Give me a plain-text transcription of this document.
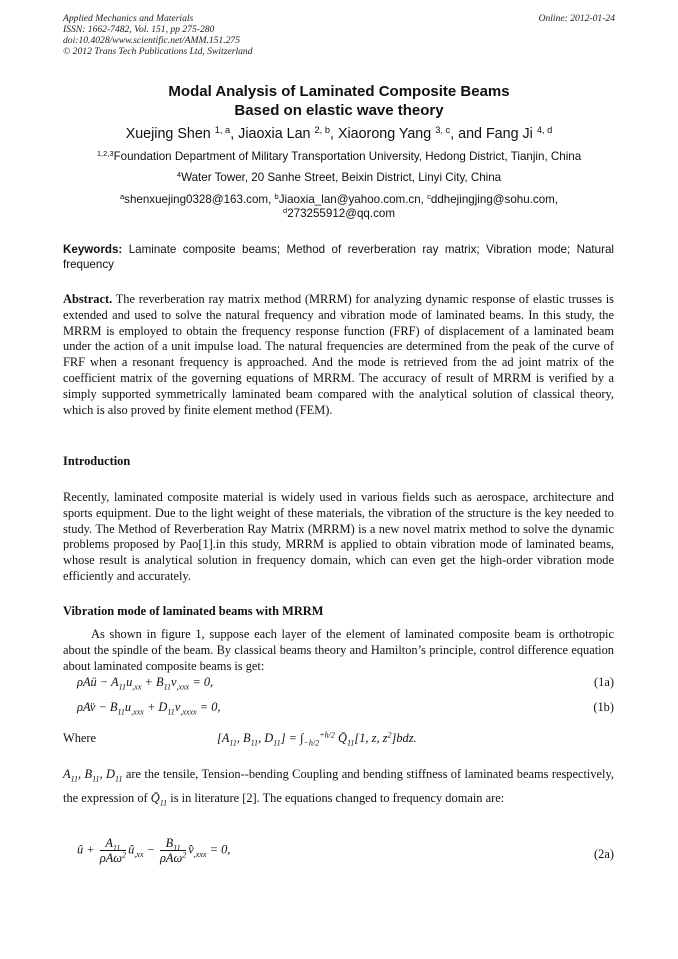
Applied Mechanics and Materials
ISSN: 1662-7482, Vol. 151, pp 275-280
doi:10.4028/www.scientific.net/AMM.151.275
© 2012 Trans Tech Publications Ltd, Switzerland
Online: 2012-01-24
Modal Analysis of Laminated Composite Beams
Based on elastic wave theory
Xuejing Shen $^{1, a}$, Jiaoxia Lan $^{2, b}$, Xiaorong Yang $^{3, c}$, and Fang Ji $^{4, d}$
$^{1,2,3}$Foundation Department of Military Transportation University, Hedong District, Tianjin, China
$^4$Water Tower, 20 Sanhe Street, Beixin District, Linyi City, China
$^a$shenxuejing0328@163.com, $^b$Jiaoxia_lan@yahoo.com.cn, $^c$ddhejingjing@sohu.com,
$^d$273255912@qq.com
Keywords: Laminate composite beams; Method of reverberation ray matrix; Vibration mode; Natural frequency
Abstract. The reverberation ray matrix method (MRRM) for analyzing dynamic response of elastic trusses is extended and used to solve the natural frequency and vibration mode of laminated beams. In this study, the MRRM is employed to obtain the frequency response function (FRF) of displacement of a laminated beam under the action of a unit impulse load. The natural frequencies are determined from the peak of the curve of FRF when a resonant frequency is approached. And the mode is retrieved from the ad joint matrix of the coefficient matrix of the governing equations of MRRM. The accuracy of result of MRRM is verified by a simply supported symmetrically laminated beam compared with the analytical solution of classical theory, which is also proved by finite element method (FEM).
Introduction
Recently, laminated composite material is widely used in various fields such as aerospace, architecture and sports equipment. Due to the light weight of these materials, the vibration of the structure is the key needed to study. The Method of Reverberation Ray Matrix (MRRM) is a new novel matrix method to solve the dynamic problems proposed by Pao[1].in this study, MRRM is applied to obtain vibration mode of laminated beams, whose result is analytical solution in frequency domain, which can even get the high-order vibration mode efficiently and accurately.
Vibration mode of laminated beams with MRRM
As shown in figure 1, suppose each layer of the element of laminated composite beam is orthotropic about the spindle of the beam. By classical beams theory and Hamilton’s principle, control difference equation about laminated composite beams is get:
ρAü − $A_{11}u_{,xx} + B_{11}v_{,xxx} = 0$,	(1a)
ρAv̈ − $B_{11}u_{,xxx} + D_{11}v_{,xxxx} = 0$,	(1b)
Where	[$A_{11}$, $B_{11}$, $D_{11}] = \int_{-h/2}^{+h/2}$ $Q̄_{11}[1$, z, $z^2]bdz$.
$A_{11}$, $B_{11}$, $D_{11}$ are the tensile, Tension--bending Coupling and bending stiffness of laminated beams respectively, the expression of $Q̄_{11}$ is in literature [2]. The equations changed to frequency domain are:
û + $\frac{A_{11}}{\rho A\omega^2}$ $û_{,xx} - \frac{B_{11}}{\rho A\omega^2}$ $v̂_{,xxx} = 0$,	(2a)
